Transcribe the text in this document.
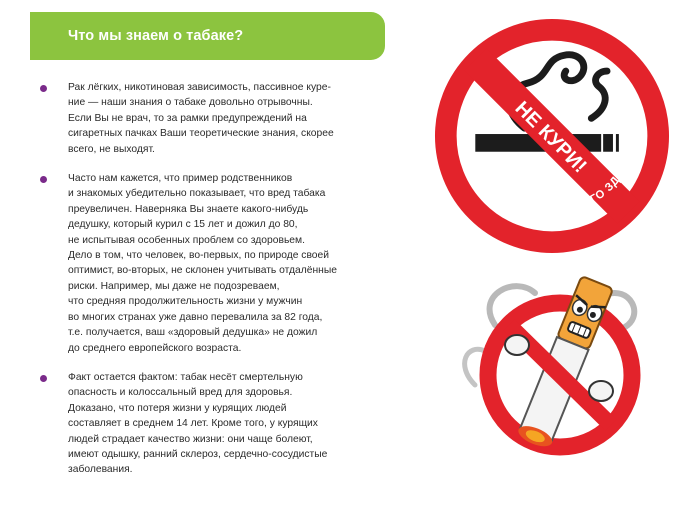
Что мы знаем о табаке?

Рак лёгких, никотиновая зависимость, пассивное куре-
ние — наши знания о табаке довольно отрывочны.
Если Вы не врач, то за рамки предупреждений на
сигаретных пачках Ваши теоретические знания, скорее
всего, не выходят.

Часто нам кажется, что пример родственников
и знакомых убедительно показывает, что вред табака
преувеличен. Наверняка Вы знаете какого-нибудь
дедушку, который курил с 15 лет и дожил до 80,
не испытывая особенных проблем со здоровьем.
Дело в том, что человек, во-первых, по природе своей
оптимист, во-вторых, не склонен учитывать отдалённые
риски. Например, мы даже не подозреваем,
что средняя продолжительность жизни у мужчин
во многих странах уже давно перевалила за 82 года,
т.е. получается, ваш «здоровый дедушка» не дожил
до среднего европейского возраста.

Факт остается фактом: табак несёт смертельную
опасность и колоссальный вред для здоровья.
Доказано, что потеря жизни у курящих людей
составляет в среднем 14 лет. Кроме того, у курящих
людей страдает качество жизни: они чаще болеют,
имеют одышку, ранний склероз, сердечно-сосудистые
заболевания.

НЕ КУРИ!
РАДИ ТВОЕГО И МОЕГО ЗДОРОВЬЯ
